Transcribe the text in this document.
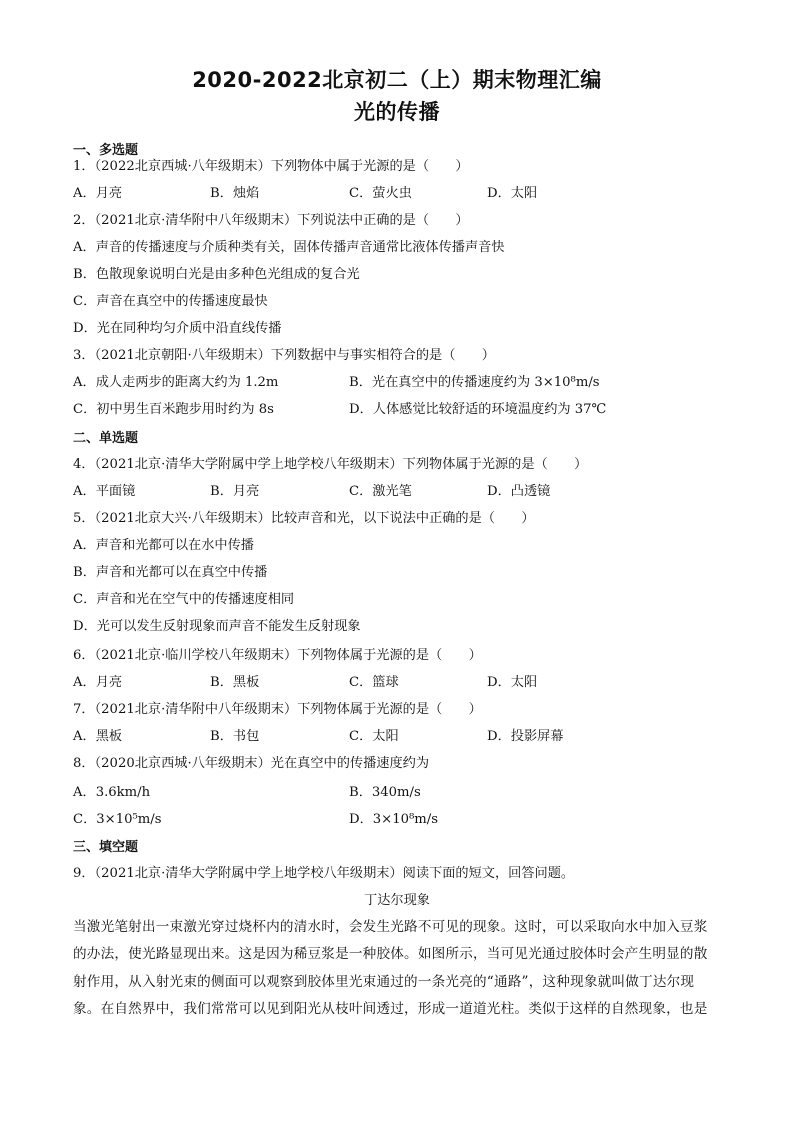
2020-2022北京初二（上）期末物理汇编
光的传播
一、多选题
1．（2022北京西城·八年级期末）下列物体中属于光源的是（　　）
A．月亮	B．烛焰	C．萤火虫	D．太阳
2．（2021北京·清华附中八年级期末）下列说法中正确的是（　　）
A．声音的传播速度与介质种类有关，固体传播声音通常比液体传播声音快
B．色散现象说明白光是由多种色光组成的复合光
C．声音在真空中的传播速度最快
D．光在同种均匀介质中沿直线传播
3．（2021北京朝阳·八年级期末）下列数据中与事实相符合的是（　　）
A．成人走两步的距离大约为 1.2m	B．光在真空中的传播速度约为 3×10⁸m/s
C．初中男生百米跑步用时约为 8s	D．人体感觉比较舒适的环境温度约为 37℃
二、单选题
4．（2021北京·清华大学附属中学上地学校八年级期末）下列物体属于光源的是（　　）
A．平面镜	B．月亮	C．激光笔	D．凸透镜
5．（2021北京大兴·八年级期末）比较声音和光，以下说法中正确的是（　　）
A．声音和光都可以在水中传播
B．声音和光都可以在真空中传播
C．声音和光在空气中的传播速度相同
D．光可以发生反射现象而声音不能发生反射现象
6．（2021北京·临川学校八年级期末）下列物体属于光源的是（　　）
A．月亮	B．黑板	C．篮球	D．太阳
7．（2021北京·清华附中八年级期末）下列物体属于光源的是（　　）
A．黑板	B．书包	C．太阳	D．投影屏幕
8．（2020北京西城·八年级期末）光在真空中的传播速度约为
A．3.6km/h	B．340m/s
C．3×10⁵m/s	D．3×10⁸m/s
三、填空题
9．（2021北京·清华大学附属中学上地学校八年级期末）阅读下面的短文，回答问题。
丁达尔现象
当激光笔射出一束激光穿过烧杯内的清水时，会发生光路不可见的现象。这时，可以采取向水中加入豆浆
的办法，使光路显现出来。这是因为稀豆浆是一种胶体。如图所示，当可见光通过胶体时会产生明显的散
射作用，从入射光束的侧面可以观察到胶体里光束通过的一条光亮的“通路”，这种现象就叫做丁达尔现
象。在自然界中，我们常常可以见到阳光从枝叶间透过，形成一道道光柱。类似于这样的自然现象，也是
